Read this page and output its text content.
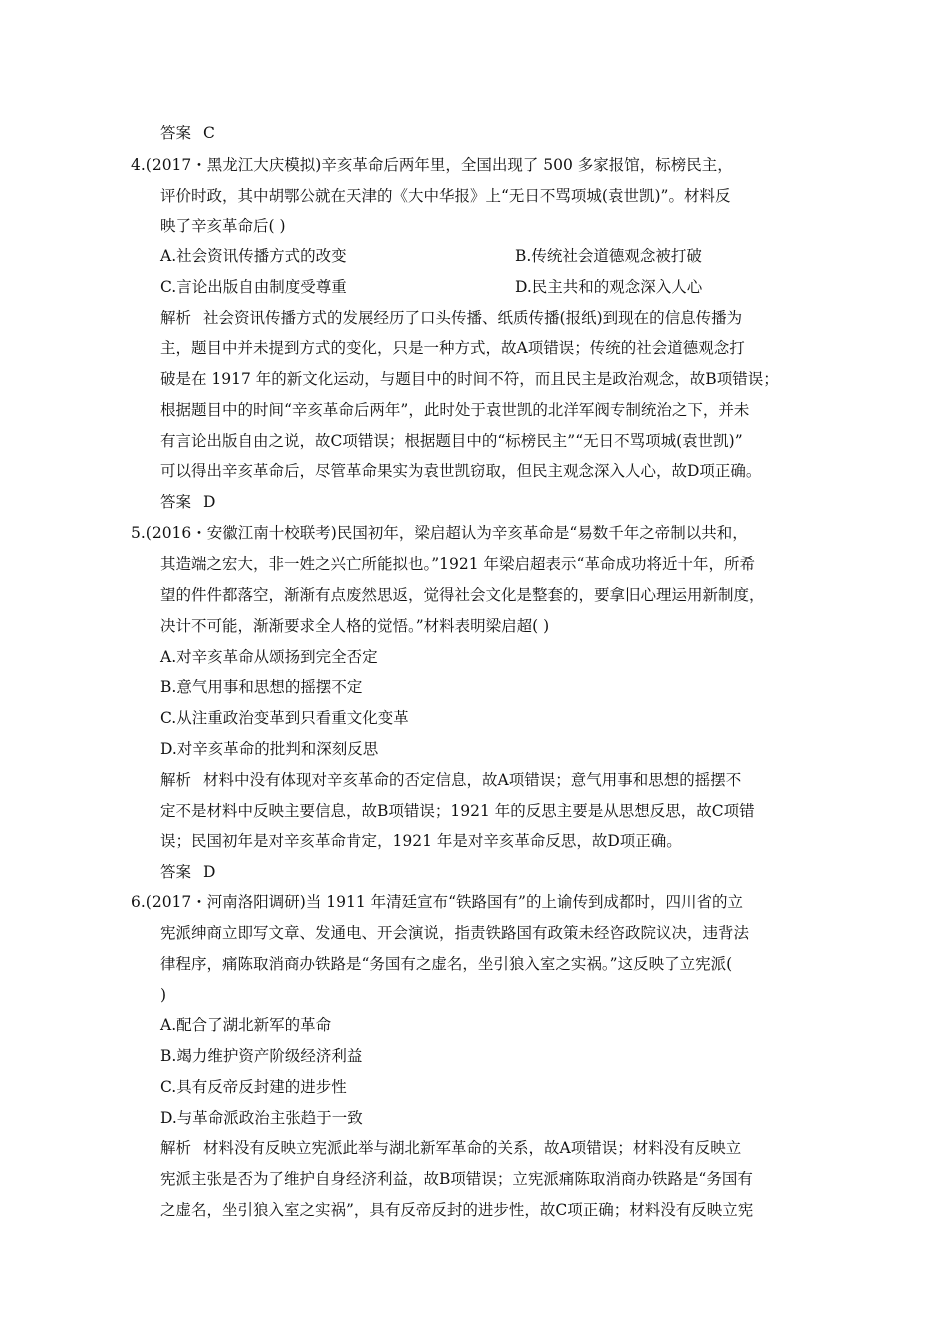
答案 C
4.(2017・黑龙江大庆模拟)辛亥革命后两年里，全国出现了 500 多家报馆，标榜民主，
评价时政，其中胡鄂公就在天津的《大中华报》上“无日不骂项城(袁世凯)”。材料反
映了辛亥革命后( )
A.社会资讯传播方式的改变	B.传统社会道德观念被打破
C.言论出版自由制度受尊重	D.民主共和的观念深入人心
解析 社会资讯传播方式的发展经历了口头传播、纸质传播(报纸)到现在的信息传播为
主，题目中并未提到方式的变化，只是一种方式，故A项错误；传统的社会道德观念打
破是在 1917 年的新文化运动，与题目中的时间不符，而且民主是政治观念，故B项错误；
根据题目中的时间“辛亥革命后两年”，此时处于袁世凯的北洋军阀专制统治之下，并未
有言论出版自由之说，故C项错误；根据题目中的“标榜民主”“无日不骂项城(袁世凯)”
可以得出辛亥革命后，尽管革命果实为袁世凯窃取，但民主观念深入人心，故D项正确。
答案 D
5.(2016・安徽江南十校联考)民国初年，梁启超认为辛亥革命是“易数千年之帝制以共和，
其造端之宏大，非一姓之兴亡所能拟也。”1921 年梁启超表示“革命成功将近十年，所希
望的件件都落空，渐渐有点废然思返，觉得社会文化是整套的，要拿旧心理运用新制度，
决计不可能，渐渐要求全人格的觉悟。”材料表明梁启超( )
A.对辛亥革命从颂扬到完全否定
B.意气用事和思想的摇摆不定
C.从注重政治变革到只看重文化变革
D.对辛亥革命的批判和深刻反思
解析 材料中没有体现对辛亥革命的否定信息，故A项错误；意气用事和思想的摇摆不
定不是材料中反映主要信息，故B项错误；1921 年的反思主要是从思想反思，故C项错
误；民国初年是对辛亥革命肯定，1921 年是对辛亥革命反思，故D项正确。
答案 D
6.(2017・河南洛阳调研)当 1911 年清廷宣布“铁路国有”的上谕传到成都时，四川省的立
宪派绅商立即写文章、发通电、开会演说，指责铁路国有政策未经咨政院议决，违背法
律程序，痛陈取消商办铁路是“务国有之虚名，坐引狼入室之实祸。”这反映了立宪派(
)
A.配合了湖北新军的革命
B.竭力维护资产阶级经济利益
C.具有反帝反封建的进步性
D.与革命派政治主张趋于一致
解析 材料没有反映立宪派此举与湖北新军革命的关系，故A项错误；材料没有反映立
宪派主张是否为了维护自身经济利益，故B项错误；立宪派痛陈取消商办铁路是“务国有
之虚名，坐引狼入室之实祸”，具有反帝反封的进步性，故C项正确；材料没有反映立宪
